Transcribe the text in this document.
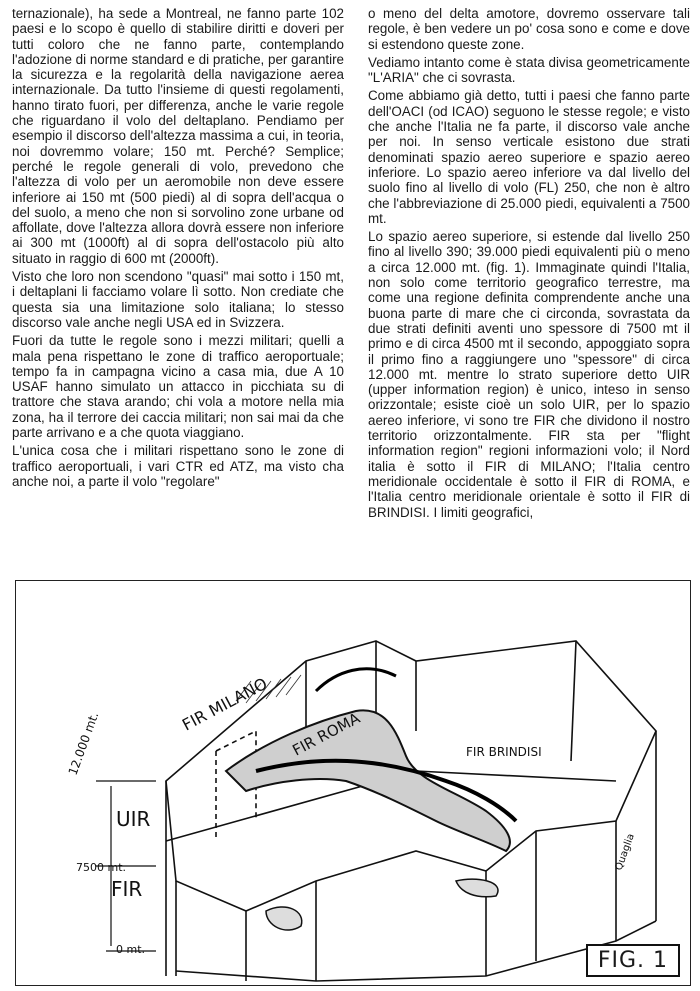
ternazionale), ha sede a Montreal, ne fanno parte 102 paesi e lo scopo è quello di stabilire diritti e doveri per tutti coloro che ne fanno parte, contemplando l'adozione di norme standard e di pratiche, per garantire la sicurezza e la regolarità della navigazione aerea internazionale. Da tutto l'insieme di questi regolamenti, hanno tirato fuori, per differenza, anche le varie regole che riguardano il volo del deltaplano. Pendiamo per esempio il discorso dell'altezza massima a cui, in teoria, noi dovremmo volare; 150 mt. Perché? Semplice; perché le regole generali di volo, prevedono che l'altezza di volo per un aeromobile non deve essere inferiore ai 150 mt (500 piedi) al di sopra dell'acqua o del suolo, a meno che non si sorvolino zone urbane od affollate, dove l'altezza allora dovrà essere non inferiore ai 300 mt (1000ft) al di sopra dell'ostacolo più alto situato in raggio di 600 mt (2000ft).

Visto che loro non scendono "quasi" mai sotto i 150 mt, i deltaplani li facciamo volare lì sotto. Non crediate che questa sia una limitazione solo italiana; lo stesso discorso vale anche negli USA ed in Svizzera.

Fuori da tutte le regole sono i mezzi militari; quelli a mala pena rispettano le zone di traffico aeroportuale; tempo fa in campagna vicino a casa mia, due A 10 USAF hanno simulato un attacco in picchiata su di trattore che stava arando; chi vola a motore nella mia zona, ha il terrore dei caccia militari; non sai mai da che parte arrivano e a che quota viaggiano.

L'unica cosa che i militari rispettano sono le zone di traffico aeroportuali, i vari CTR ed ATZ, ma visto cha anche noi, a parte il volo "regolare"

o meno del delta amotore, dovremo osservare tali regole, è ben vedere un po' cosa sono e come e dove si estendono queste zone.

Vediamo intanto come è stata divisa geometricamente "L'ARIA" che ci sovrasta.

Come abbiamo già detto, tutti i paesi che fanno parte dell'OACI (od ICAO) seguono le stesse regole; e visto che anche l'Italia ne fa parte, il discorso vale anche per noi. In senso verticale esistono due strati denominati spazio aereo superiore e spazio aereo inferiore. Lo spazio aereo inferiore va dal livello del suolo fino al livello di volo (FL) 250, che non è altro che l'abbreviazione di 25.000 piedi, equivalenti a 7500 mt.

Lo spazio aereo superiore, si estende dal livello 250 fino al livello 390; 39.000 piedi equivalenti più o meno a circa 12.000 mt. (fig. 1). Immaginate quindi l'Italia, non solo come territorio geografico terrestre, ma come una regione definita comprendente anche una buona parte di mare che ci circonda, sovrastata da due strati definiti aventi uno spessore di 7500 mt il primo e di circa 4500 mt il secondo, appoggiato sopra il primo fino a raggiungere uno "spessore" di circa 12.000 mt. mentre lo strato superiore detto UIR (upper information region) è unico, inteso in senso orizzontale; esiste cioè un solo UIR, per lo spazio aereo inferiore, vi sono tre FIR che dividono il nostro territorio orizzontalmente. FIR sta per "flight information region" regioni informazioni volo; il Nord italia è sotto il FIR di MILANO; l'Italia centro meridionale occidentale è sotto il FIR di ROMA, e l'Italia centro meridionale orientale è sotto il FIR di BRINDISI. I limiti geografici,

12.000 mt.
7500 mt.
0 mt.
UIR
FIR
FIR MILANO FIR ROMA	FIR BRINDISI
Quaglia
FIG. 1
